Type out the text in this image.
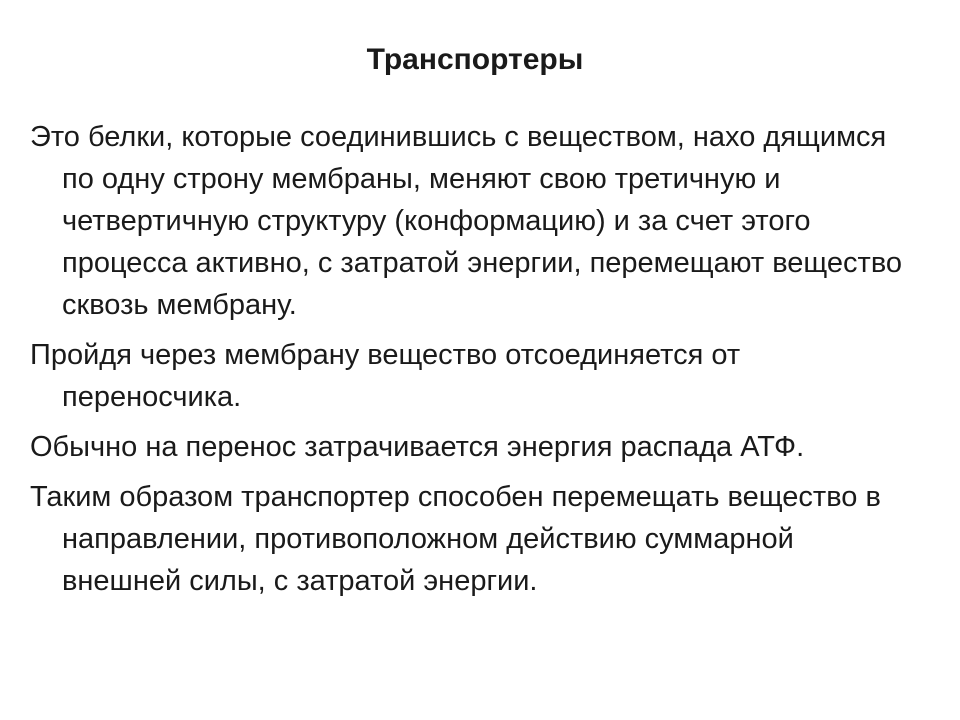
Транспортеры

Это белки, которые соединившись с веществом, нахо дящимся по одну строну мембраны, меняют свою третичную и четвертичную структуру (конформацию) и за счет этого процесса активно, с затратой энергии, перемещают вещество сквозь мембрану.

Пройдя через мембрану вещество отсоединяется от переносчика.

Обычно на перенос затрачивается энергия распада АТФ.

Таким образом транспортер способен перемещать вещество в направлении, противоположном действию суммарной внешней силы, с затратой энергии.
